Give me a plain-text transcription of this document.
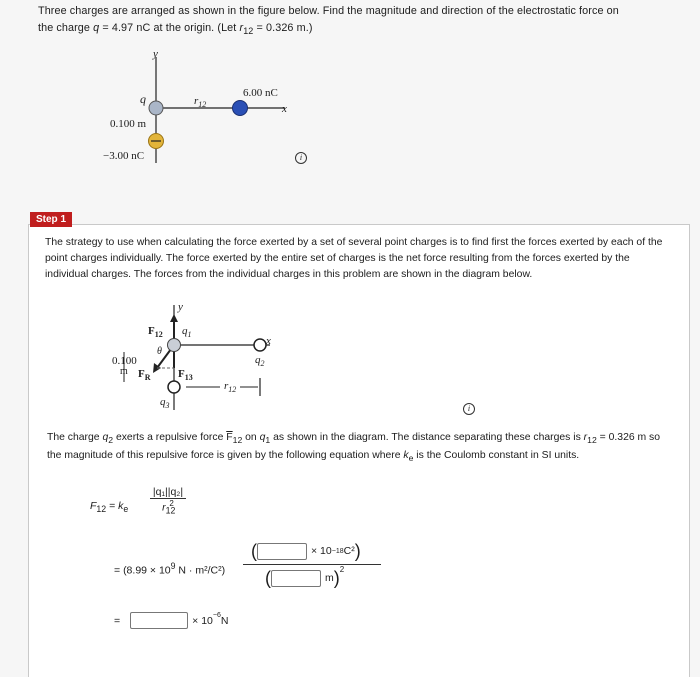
Three charges are arranged as shown in the figure below. Find the magnitude and direction of the electrostatic force on
the charge q = 4.97 nC at the origin. (Let $r_{12} = 0.326$ m.)
y
x
q	$r_{12}$
6.00 nC
0.100 m
−3.00 nC	i
Step 1
The strategy to use when calculating the force exerted by a set of several point charges is to find first the forces exerted by each of the point charges individually. The force exerted by the entire set of charges is the net force resulting from the forces exerted by the individual charges. The forces from the individual charges in this problem are shown in the diagram below.
$F_{12}$
y
x
$q_1$
θ
0.100
m $F_R$ $F_{13}$
$q_2$
$q_3$
$r_{12}$
i
The charge $q_2$ exerts a repulsive force $\overline{F}_{12}$ on $q_1$ as shown in the diagram. The distance separating these charges is $r_{12} = 0.326$ m so the magnitude of this repulsive force is given by the following equation where $k_e$ is the Coulomb constant in SI units.
$F_{12} = k_e$
|q₁||q₂|
$r_{12}^2$
= ($8.99 \times 10^9$ N · m²/C²)
(	× 10 −18 C² )
(	m )$^2$
=	× $10^{-6}$ N
